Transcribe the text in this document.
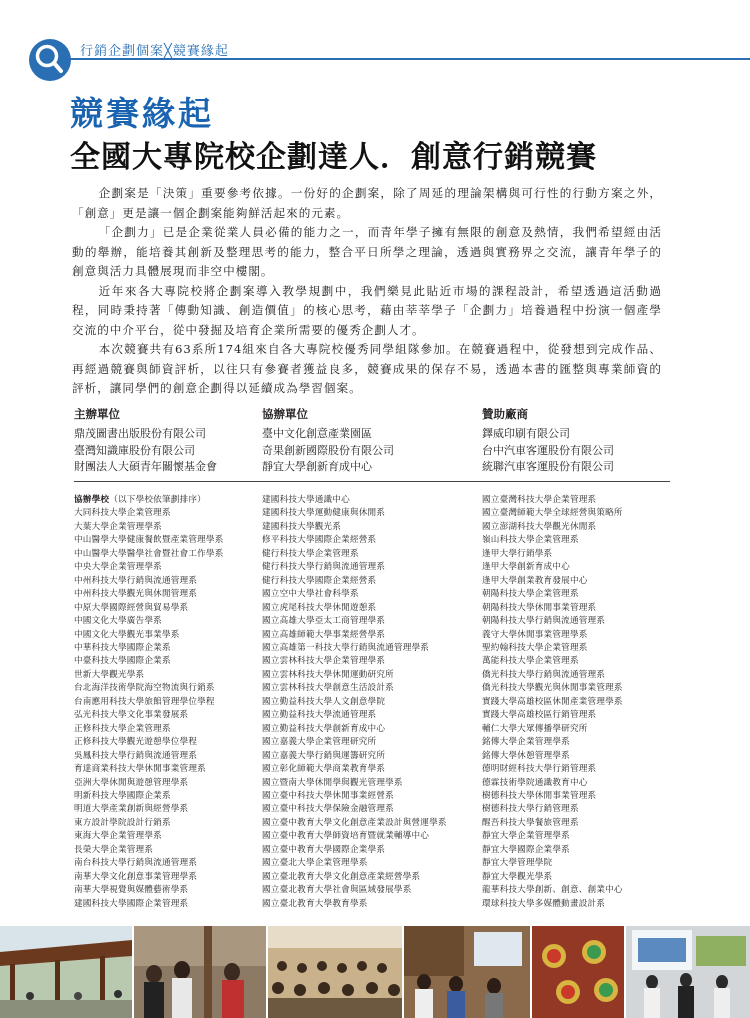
行銷企劃個案╳競賽緣起
競賽緣起
全國大專院校企劃達人．創意行銷競賽

企劃案是「決策」重要參考依據。一份好的企劃案，除了周延的理論架構與可行性的行動方案之外，「創意」更是讓一個企劃案能夠鮮活起來的元素。

「企劃力」已是企業從業人員必備的能力之一，而青年學子擁有無限的創意及熱情，我們希望經由活動的舉辦，能培養其創新及整理思考的能力，整合平日所學之理論，透過與實務界之交流，讓青年學子的創意與活力具體展現而非空中樓閣。

近年來各大專院校將企劃案導入教學規劃中，我們樂見此貼近市場的課程設計，希望透過這活動過程，同時秉持著「傳動知識、創造價值」的核心思考，藉由莘莘學子「企劃力」培養過程中扮演一個產學交流的中介平台，從中發掘及培育企業所需要的優秀企劃人才。

本次競賽共有63系所174組來自各大專院校優秀同學組隊參加。在競賽過程中，從發想到完成作品、再經過競賽與師資評析，以往只有參賽者獲益良多，競賽成果的保存不易，透過本書的匯整與專業師資的評析，讓同學們的創意企劃得以延續成為學習個案。

主辦單位
鼎茂圖書出版股份有限公司
臺灣知識庫股份有限公司
財團法人大碩青年關懷基金會
協辦單位
臺中文化創意產業園區
奇果創新國際股份有限公司
靜宜大學創新育成中心
贊助廠商
鐸威印刷有限公司
台中汽車客運股份有限公司
統聯汽車客運股份有限公司
協辦學校（以下學校依筆劃排序）
大同科技大學企業管理系
大葉大學企業管理學系
中山醫學大學健康餐飲暨產業管理學系
中山醫學大學醫學社會暨社會工作學系
中央大學企業管理學系
中州科技大學行銷與流通管理系
中州科技大學觀光與休閒管理系
中原大學國際經營與貿易學系
中國文化大學廣告學系
中國文化大學觀光事業學系
中華科技大學國際企業系
中臺科技大學國際企業系
世新大學觀光學系
台北海洋技術學院海空物流與行銷系
台南應用科技大學旅館管理學位學程
弘光科技大學文化事業發展系
正修科技大學企業管理系
正修科技大學觀光遊憩學位學程
吳鳳科技大學行銷與流通管理系
育達商業科技大學休閒事業管理系
亞洲大學休閒與遊憩管理學系
明新科技大學國際企業系
明道大學產業創新與經營學系
東方設計學院設計行銷系
東海大學企業管理學系
長榮大學企業管理系
南台科技大學行銷與流通管理系
南華大學文化創意事業管理學系
南華大學視覺與媒體藝術學系
建國科技大學國際企業管理系
建國科技大學通識中心
建國科技大學運動健康與休閒系
建國科技大學觀光系
修平科技大學國際企業經營系
健行科技大學企業管理系
健行科技大學行銷與流通管理系
健行科技大學國際企業經營系
國立空中大學社會科學系
國立虎尾科技大學休閒遊憩系
國立高雄大學亞太工商管理學系
國立高雄師範大學事業經營學系
國立高雄第一科技大學行銷與流通管理學系
國立雲林科技大學企業管理學系
國立雲林科技大學休閒運動研究所
國立雲林科技大學創意生活設計系
國立勤益科技大學人文創意學院
國立勤益科技大學流通管理系
國立勤益科技大學創新育成中心
國立嘉義大學企業管理研究所
國立嘉義大學行銷與運籌研究所
國立彰化師範大學商業教育學系
國立暨南大學休閒學與觀光管理學系
國立臺中科技大學休閒事業經營系
國立臺中科技大學保險金融管理系
國立臺中教育大學文化創意產業設計與營運學系
國立臺中教育大學師資培育暨就業輔導中心
國立臺中教育大學國際企業學系
國立臺北大學企業管理學系
國立臺北教育大學文化創意產業經營學系
國立臺北教育大學社會與區域發展學系
國立臺北教育大學教育學系
國立臺灣科技大學企業管理系
國立臺灣師範大學全球經營與策略所
國立澎湖科技大學觀光休閒系
嶺山科技大學企業管理系
逢甲大學行銷學系
逢甲大學創新育成中心
逢甲大學創業教育發展中心
朝陽科技大學企業管理系
朝陽科技大學休閒事業管理系
朝陽科技大學行銷與流通管理系
義守大學休閒事業管理學系
聖約翰科技大學企業管理系
萬能科技大學企業管理系
僑光科技大學行銷與流通管理系
僑光科技大學觀光與休閒事業管理系
實踐大學高雄校區休閒產業管理學系
實踐大學高雄校區行銷管理系
輔仁大學大眾傳播學研究所
銘傳大學企業管理學系
銘傳大學休憩管理學系
德明財經科技大學行銷管理系
德霖技術學院通識教育中心
樹德科技大學休閒事業管理系
樹德科技大學行銷管理系
醒吾科技大學餐旅管理系
靜宜大學企業管理學系
靜宜大學國際企業學系
靜宜大學管理學院
靜宜大學觀光學系
龍華科技大學創新、創意、創業中心
環球科技大學多媒體動畫設計系
